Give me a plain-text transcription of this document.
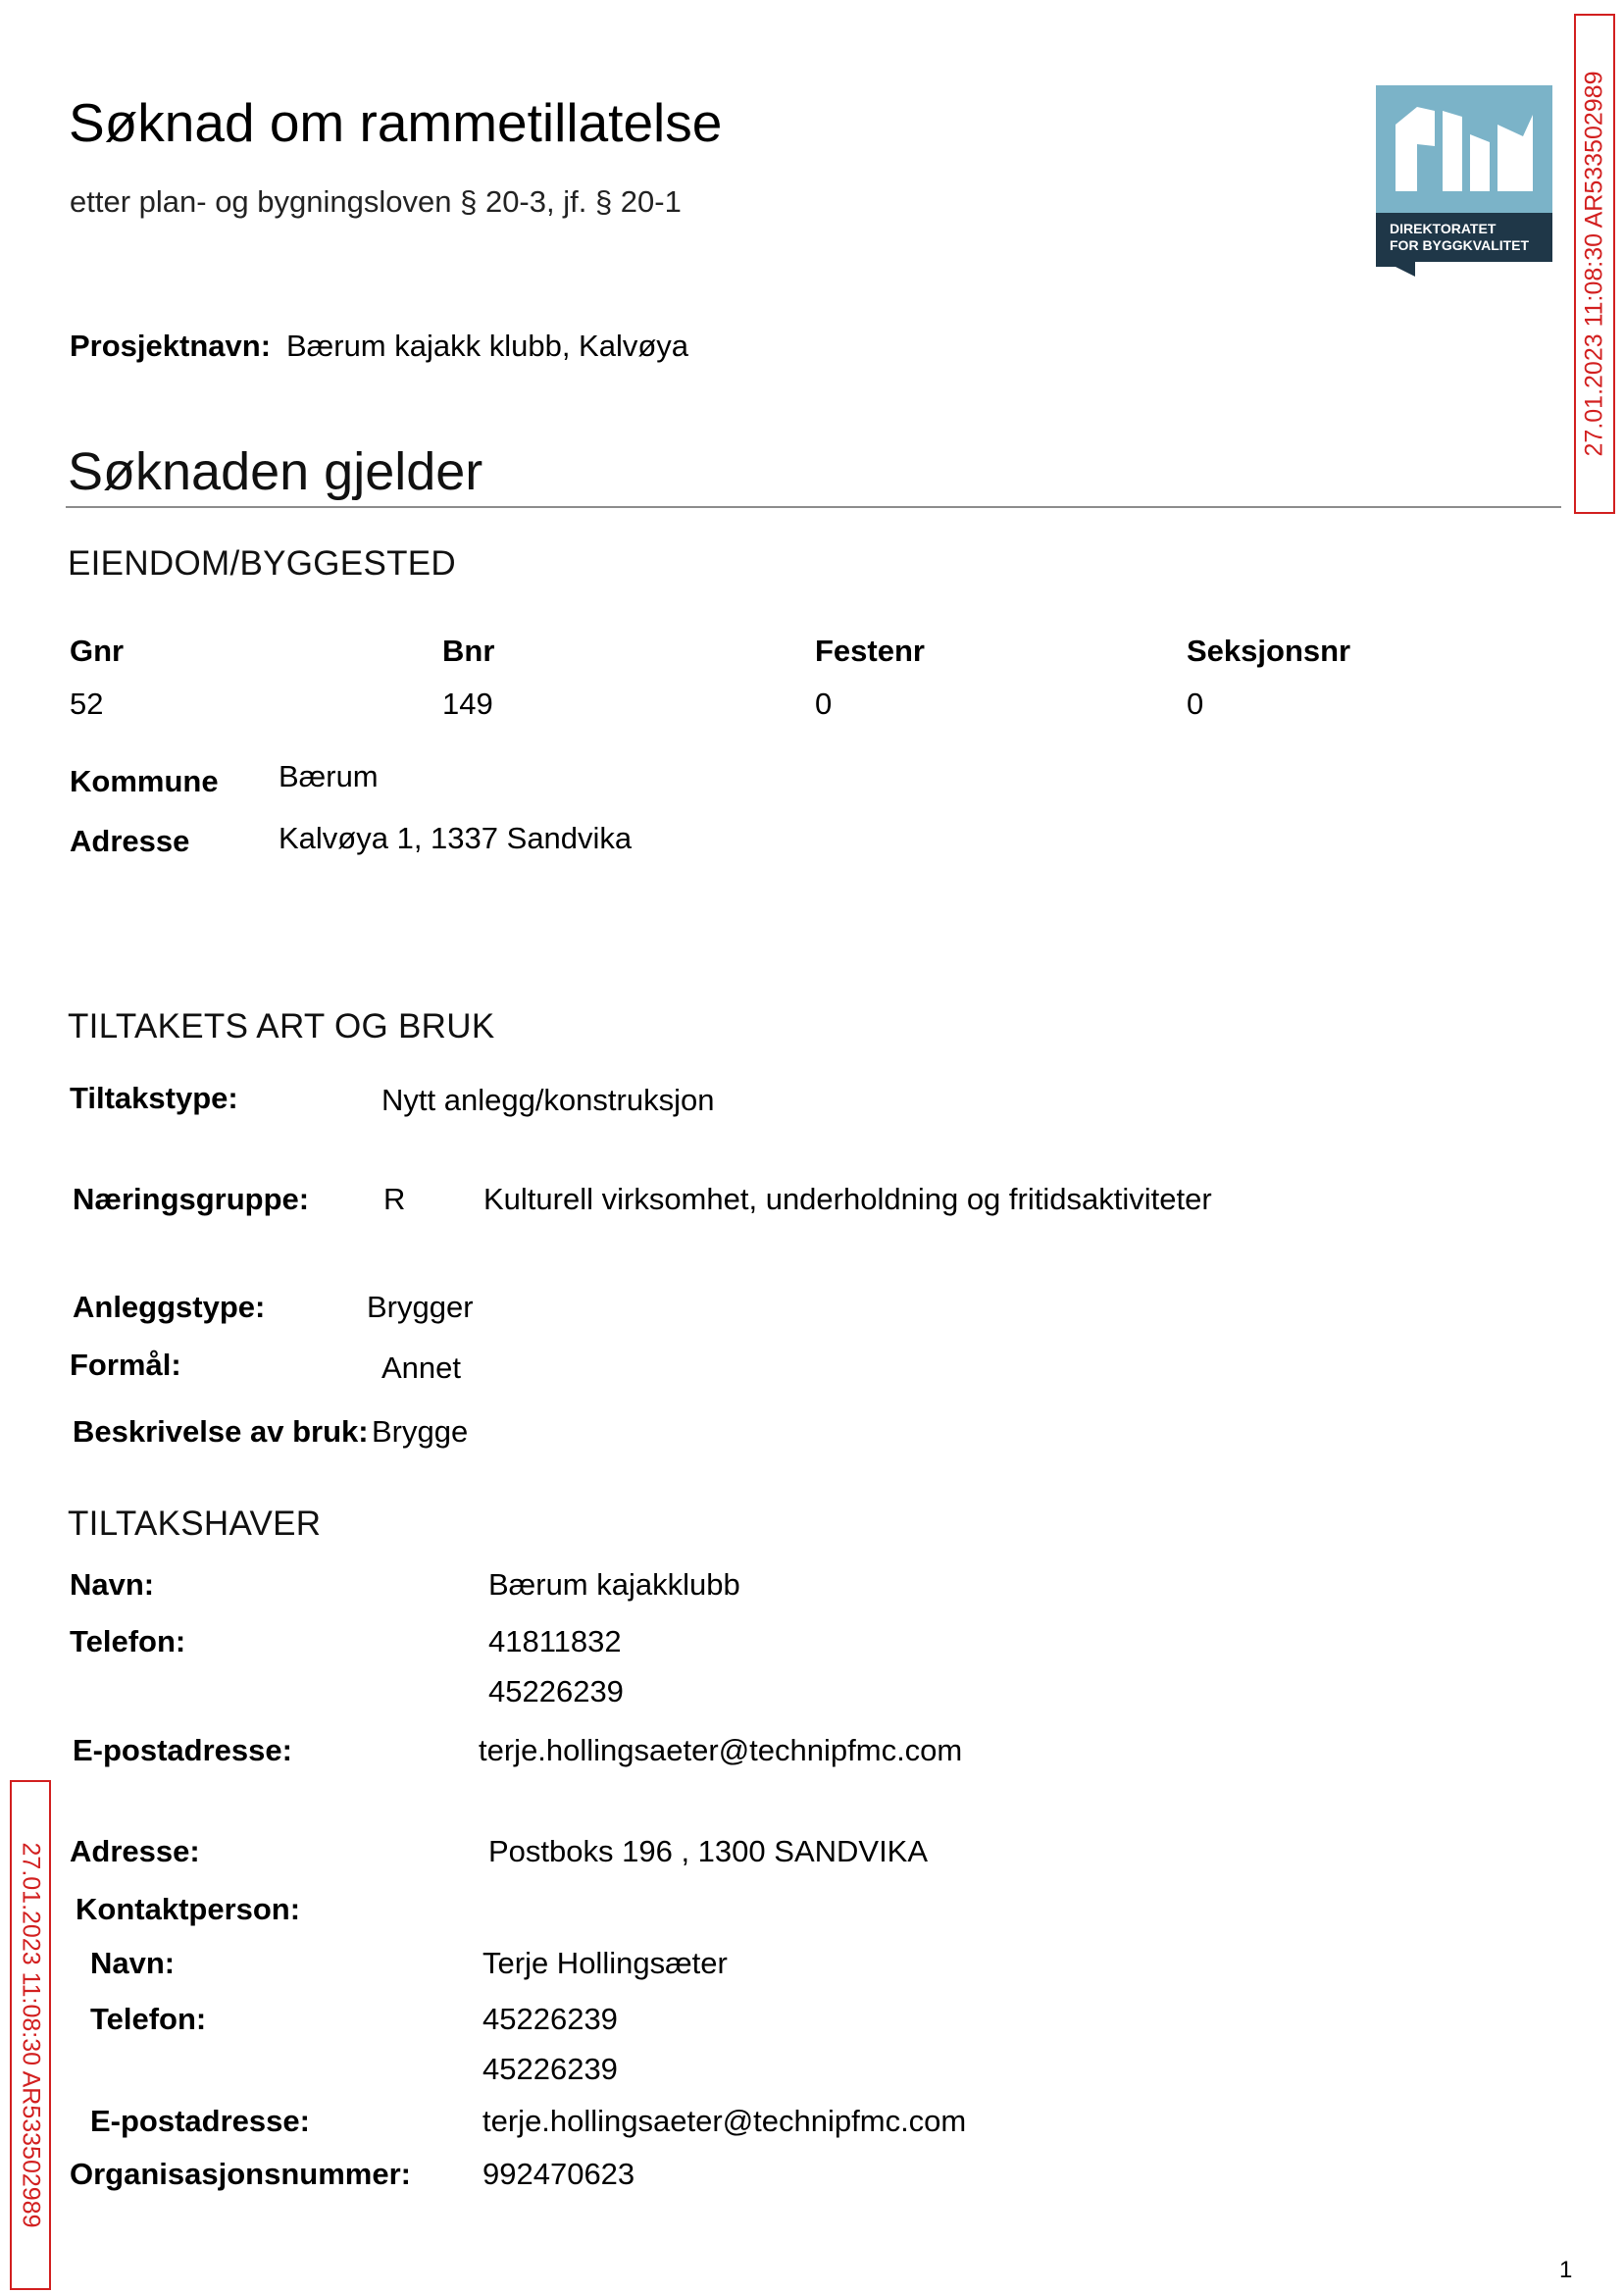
Søknad om rammetillatelse
etter plan- og bygningsloven § 20-3, jf. § 20-1
DIREKTORATET
FOR BYGGKVALITET 27.01.2023 11:08:30 AR533502989
27.01.2023 11:08:30 AR533502989
Prosjektnavn: Bærum kajakk klubb, Kalvøya
Søknaden gjelder
EIENDOM/BYGGESTED
Gnr	Bnr	Festenr	Seksjonsnr
52	149	0	0
Kommune Bærum
Adresse	Kalvøya 1, 1337 Sandvika
TILTAKETS ART OG BRUK
Tiltakstype:	Nytt anlegg/konstruksjon
Næringsgruppe: R	Kulturell virksomhet, underholdning og fritidsaktiviteter
Anleggstype:	Brygger
Formål:	Annet
Beskrivelse av bruk: Brygge
TILTAKSHAVER
Navn:	Bærum kajakklubb
Telefon:	41811832
45226239
E-postadresse:	terje.hollingsaeter@technipfmc.com
Adresse:	Postboks 196 , 1300 SANDVIKA
Kontaktperson:
Navn:	Terje Hollingsæter
Telefon:	45226239
45226239
E-postadresse:	terje.hollingsaeter@technipfmc.com
Organisasjonsnummer: 992470623
1
